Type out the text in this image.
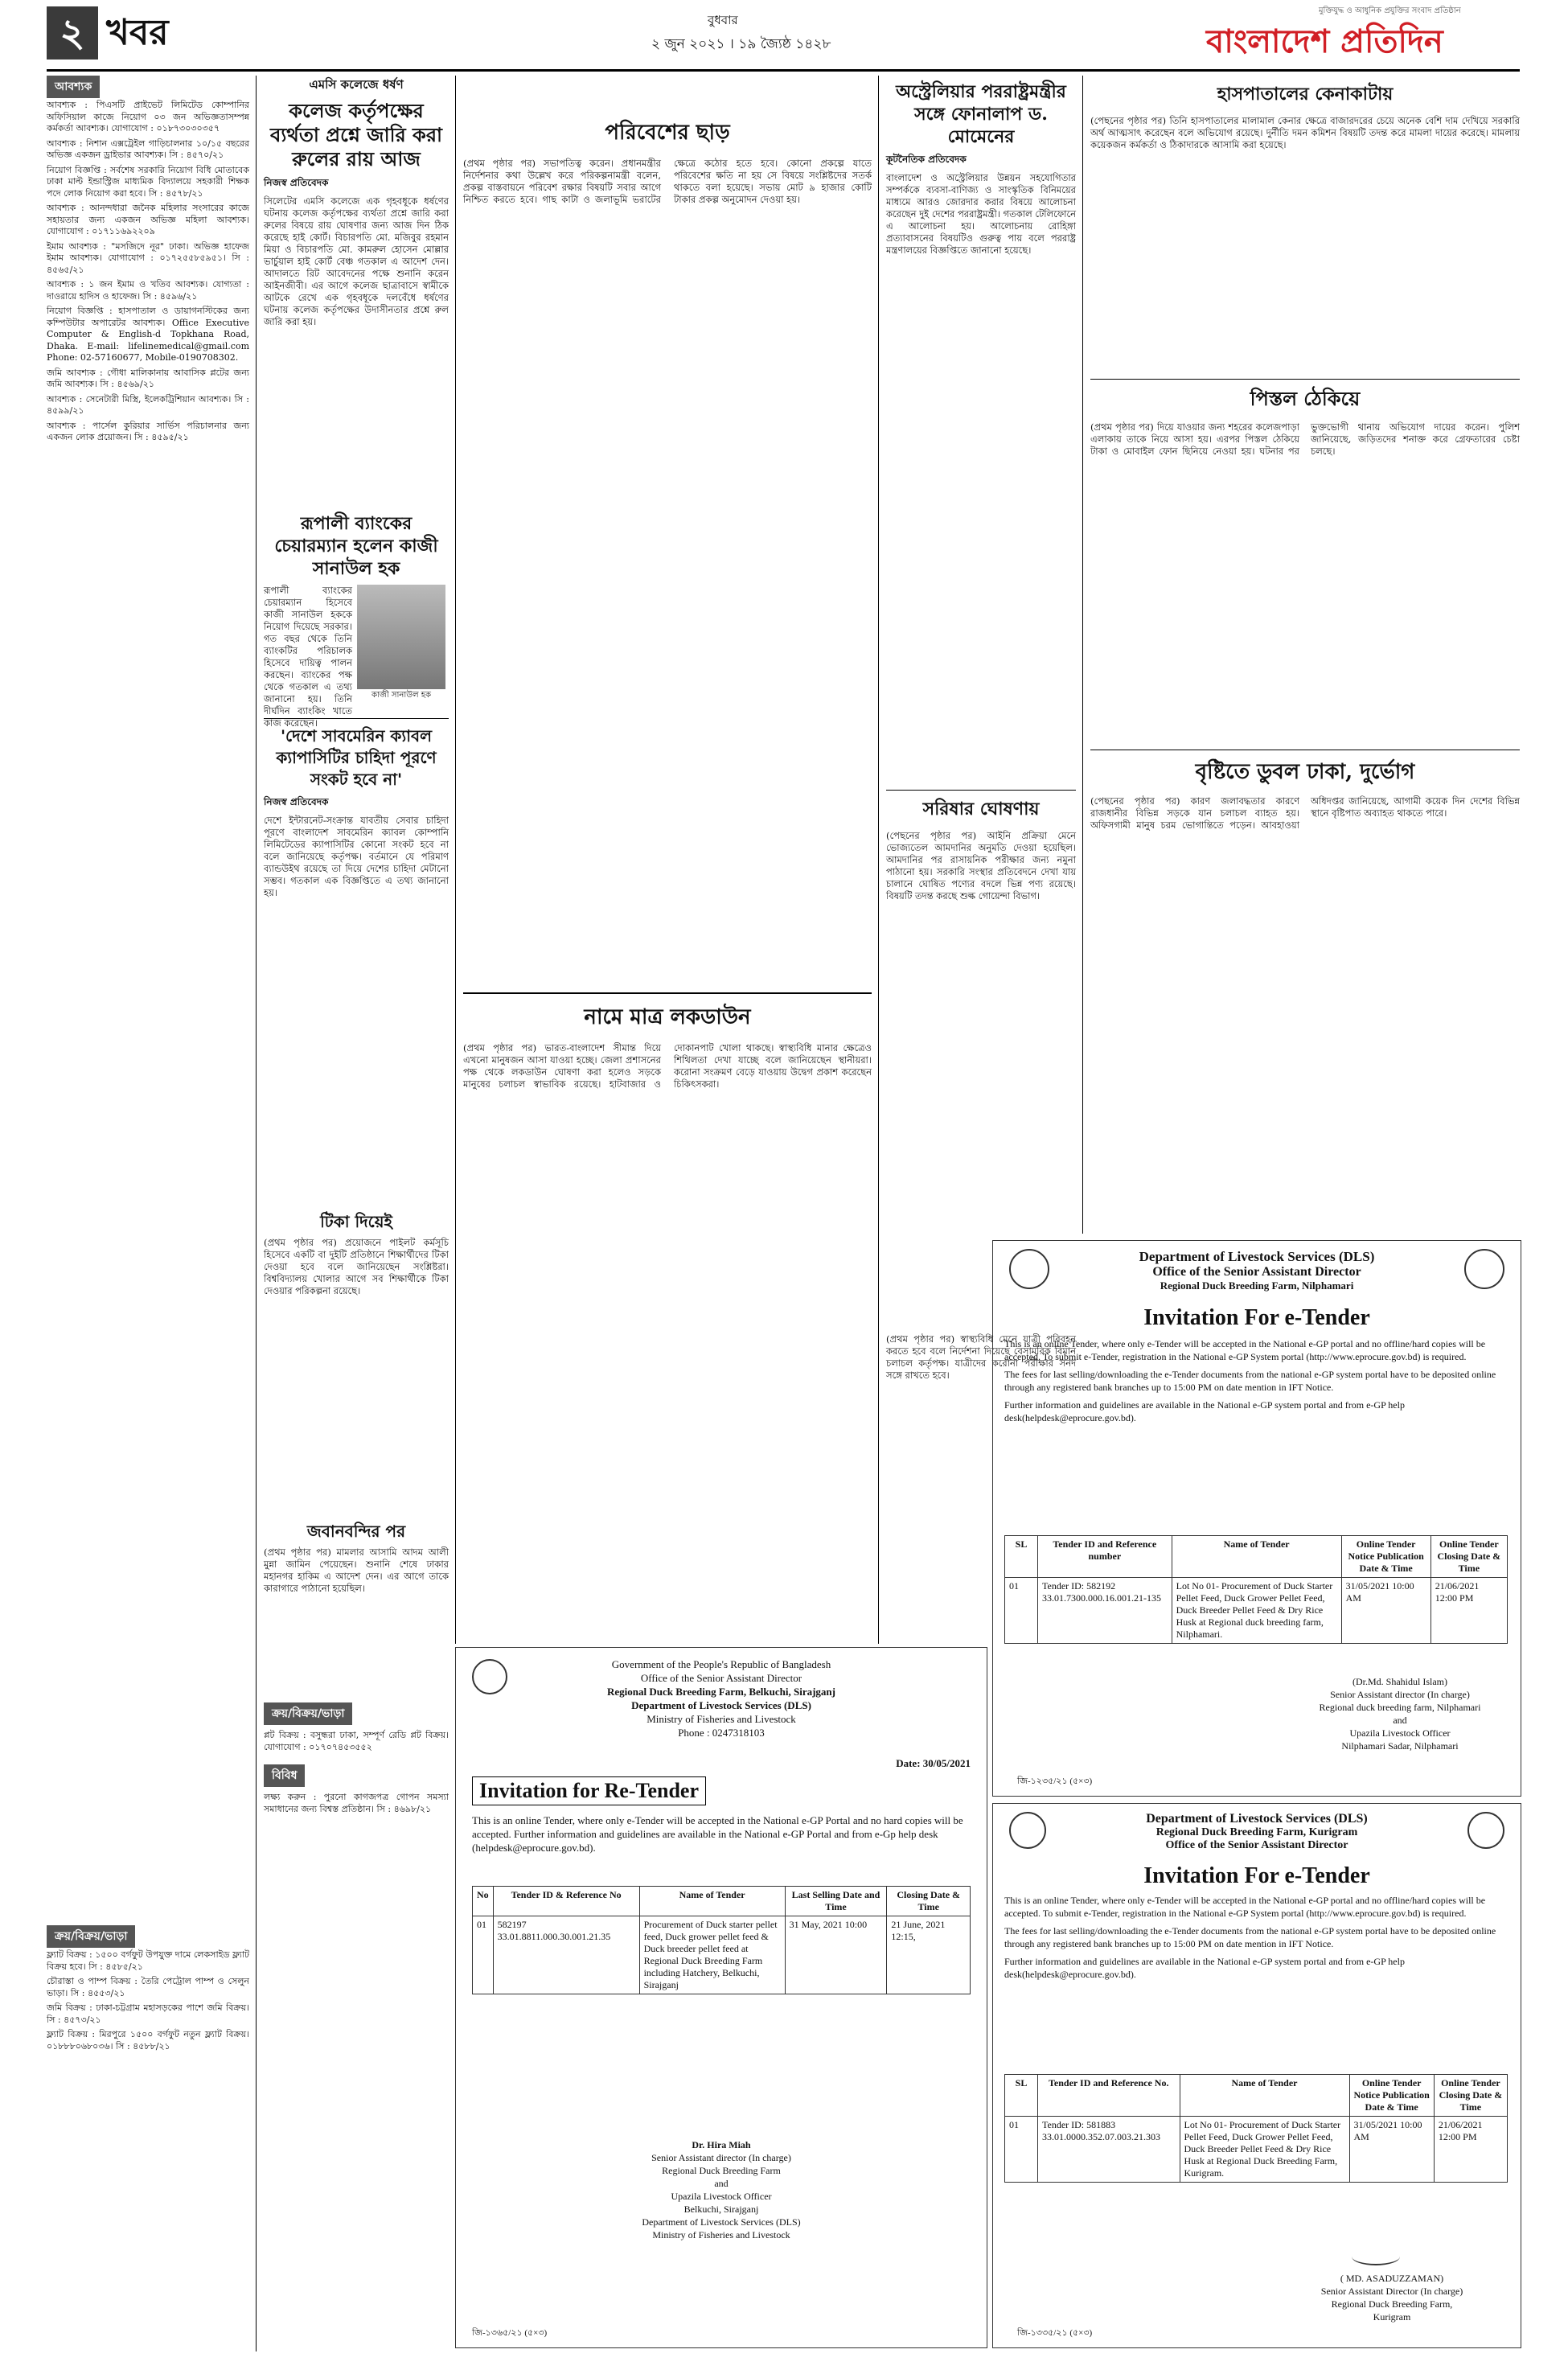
২ খবর	বুধবার
২ জুন ২০২১ । ১৯ জ্যৈষ্ঠ ১৪২৮
মুক্তিযুদ্ধ ও আধুনিক প্রযুক্তির সংবাদ প্রতিষ্ঠান
বাংলাদেশ প্রতিদিন
আবশ্যক

আবশ্যক : পিএসটি প্রাইভেট লিমিটেড কোম্পানির অফিসিয়াল কাজে নিয়োগ ০৩ জন অভিজ্ঞতাসম্পন্ন কর্মকর্তা আবশ্যক। যোগাযোগ : ০১৮৭৩০৩০৩৫৭

আবশ্যক : নিশান এক্সট্রেইল গাড়িচালনার ১০/১৫ বছরের অভিজ্ঞ একজন ড্রাইভার আবশ্যক। সি : ৪৫৭০/২১

নিয়োগ বিজ্ঞপ্তি : সর্বশেষ সরকারি নিয়োগ বিধি মোতাবেক ঢাকা মাল্ট ইন্ডাস্ট্রিজ মাধ্যমিক বিদ্যালয়ে সহকারী শিক্ষক পদে লোক নিয়োগ করা হবে। সি : ৪৫৭৮/২১

আবশ্যক : আনন্দধারা জনৈক মহিলার সংসারের কাজে সহায়তার জন্য একজন অভিজ্ঞ মহিলা আবশ্যক। যোগাযোগ : ০১৭১১৬৯২২০৯

ইমাম আবশ্যক : "মসজিদে নূর" ঢাকা। অভিজ্ঞ হাফেজ ইমাম আবশ্যক। যোগাযোগ : ০১৭২৫৫৮৫৯৫১। সি : ৪৫৬৫/২১

আবশ্যক : ১ জন ইমাম ও খতিব আবশ্যক। যোগ্যতা : দাওরায়ে হাদিস ও হাফেজ। সি : ৪৫৯৬/২১

নিয়োগ বিজ্ঞপ্তি : হাসপাতাল ও ডায়াগনস্টিকের জন্য কম্পিউটার অপারেটর আবশ্যক। Office Executive Computer & English-d Topkhana Road, Dhaka. E-mail: lifelinemedical@gmail.com Phone: 02-57160677, Mobile-0190708302.

জমি আবশ্যক : গৌধা মালিকানায় আবাসিক প্লটের জন্য জমি আবশ্যক। সি : ৪৫৬৯/২১

আবশ্যক : সেনেটারী মিস্ত্রি, ইলেকট্রিশিয়ান আবশ্যক। সি : ৪৫৯৯/২১

আবশ্যক : পার্সেল কুরিয়ার সার্ভিস পরিচালনার জন্য একজন লোক প্রয়োজন। সি : ৪৫৯৫/২১

ক্রয়/বিক্রয়/ভাড়া

ফ্ল্যাট বিক্রয় : ১৫০০ বর্গফুট উপযুক্ত দামে লেকসাইড ফ্ল্যাট বিক্রয় হবে। সি : ৪৫৮৫/২১

চৌরাস্তা ও পাম্প বিক্রয় : তৈরি পেট্রোল পাম্প ও সেলুন ভাড়া। সি : ৪৫৫৩/২১

জমি বিক্রয় : ঢাকা-চট্টগ্রাম মহাসড়কের পাশে জমি বিক্রয়। সি : ৪৫৭৩/২১

ফ্ল্যাট বিক্রয় : মিরপুরে ১৫০০ বর্গফুট নতুন ফ্ল্যাট বিক্রয়। ০১৮৮৮০৬৮০৩৬। সি : ৪৫৮৮/২১

এমসি কলেজে ধর্ষণ
কলেজ কর্তৃপক্ষের ব্যর্থতা প্রশ্নে জারি করা রুলের রায় আজ
নিজস্ব প্রতিবেদক

সিলেটের এমসি কলেজে এক গৃহবধূকে ধর্ষণের ঘটনায় কলেজ কর্তৃপক্ষের ব্যর্থতা প্রশ্নে জারি করা রুলের বিষয়ে রায় ঘোষণার জন্য আজ দিন ঠিক করেছে হাই কোর্ট। বিচারপতি মো. মজিবুর রহমান মিয়া ও বিচারপতি মো. কামরুল হোসেন মোল্লার ভার্চুয়াল হাই কোর্ট বেঞ্চ গতকাল এ আদেশ দেন। আদালতে রিট আবেদনের পক্ষে শুনানি করেন আইনজীবী। এর আগে কলেজ ছাত্রাবাসে স্বামীকে আটকে রেখে এক গৃহবধূকে দলবেঁধে ধর্ষণের ঘটনায় কলেজ কর্তৃপক্ষের উদাসীনতার প্রশ্নে রুল জারি করা হয়।

রূপালী ব্যাংকের চেয়ারম্যান হলেন কাজী সানাউল হক

রূপালী ব্যাংকের চেয়ারম্যান হিসেবে কাজী সানাউল হককে নিয়োগ দিয়েছে সরকার। গত বছর থেকে তিনি ব্যাংকটির পরিচালক হিসেবে দায়িত্ব পালন করছেন। ব্যাংকের পক্ষ থেকে গতকাল এ তথ্য জানানো হয়। তিনি দীর্ঘদিন ব্যাংকিং খাতে কাজ করেছেন।

কাজী সানাউল হক
'দেশে সাবমেরিন ক্যাবল ক্যাপাসিটির চাহিদা পূরণে সংকট হবে না'
নিজস্ব প্রতিবেদক

দেশে ইন্টারনেট-সংক্রান্ত যাবতীয় সেবার চাহিদা পূরণে বাংলাদেশ সাবমেরিন ক্যাবল কোম্পানি লিমিটেডের ক্যাপাসিটির কোনো সংকট হবে না বলে জানিয়েছে কর্তৃপক্ষ। বর্তমানে যে পরিমাণ ব্যান্ডউইথ রয়েছে তা দিয়ে দেশের চাহিদা মেটানো সম্ভব। গতকাল এক বিজ্ঞপ্তিতে এ তথ্য জানানো হয়।

টিকা দিয়েই

(প্রথম পৃষ্ঠার পর) প্রয়োজনে পাইলট কর্মসূচি হিসেবে একটি বা দুইটি প্রতিষ্ঠানে শিক্ষার্থীদের টিকা দেওয়া হবে বলে জানিয়েছেন সংশ্লিষ্টরা। বিশ্ববিদ্যালয় খোলার আগে সব শিক্ষার্থীকে টিকা দেওয়ার পরিকল্পনা রয়েছে।

জবানবন্দির পর

(প্রথম পৃষ্ঠার পর) মামলার আসামি আদম আলী মুন্না জামিন পেয়েছেন। শুনানি শেষে ঢাকার মহানগর হাকিম এ আদেশ দেন। এর আগে তাকে কারাগারে পাঠানো হয়েছিল।

ক্রয়/বিক্রয়/ভাড়া

প্লট বিক্রয় : বসুন্ধরা ঢাকা, সম্পূর্ণ রেডি প্লট বিক্রয়। যোগাযোগ : ০১৭০৭৪৫৩৫৫২

বিবিধ

লক্ষ্য করুন : পুরনো কাগজপত্র গোপন সমস্যা সমাধানের জন্য বিশ্বস্ত প্রতিষ্ঠান। সি : ৪৬৯৮/২১

পরিবেশের ছাড়

(প্রথম পৃষ্ঠার পর) সভাপতিত্ব করেন। প্রধানমন্ত্রীর নির্দেশনার কথা উল্লেখ করে পরিকল্পনামন্ত্রী বলেন, প্রকল্প বাস্তবায়নে পরিবেশ রক্ষার বিষয়টি সবার আগে নিশ্চিত করতে হবে। গাছ কাটা ও জলাভূমি ভরাটের ক্ষেত্রে কঠোর হতে হবে। কোনো প্রকল্পে যাতে পরিবেশের ক্ষতি না হয় সে বিষয়ে সংশ্লিষ্টদের সতর্ক থাকতে বলা হয়েছে। সভায় মোট ৯ হাজার কোটি টাকার প্রকল্প অনুমোদন দেওয়া হয়।

নামে মাত্র লকডাউন

(প্রথম পৃষ্ঠার পর) ভারত-বাংলাদেশ সীমান্ত দিয়ে এখনো মানুষজন আসা যাওয়া হচ্ছে। জেলা প্রশাসনের পক্ষ থেকে লকডাউন ঘোষণা করা হলেও সড়কে মানুষের চলাচল স্বাভাবিক রয়েছে। হাটবাজার ও দোকানপাট খোলা থাকছে। স্বাস্থ্যবিধি মানার ক্ষেত্রেও শিথিলতা দেখা যাচ্ছে বলে জানিয়েছেন স্থানীয়রা। করোনা সংক্রমণ বেড়ে যাওয়ায় উদ্বেগ প্রকাশ করেছেন চিকিৎসকরা।

অস্ট্রেলিয়ার পররাষ্ট্রমন্ত্রীর সঙ্গে ফোনালাপ ড. মোমেনের
কূটনৈতিক প্রতিবেদক

বাংলাদেশ ও অস্ট্রেলিয়ার উন্নয়ন সহযোগিতার সম্পর্ককে ব্যবসা-বাণিজ্য ও সাংস্কৃতিক বিনিময়ের মাধ্যমে আরও জোরদার করার বিষয়ে আলোচনা করেছেন দুই দেশের পররাষ্ট্রমন্ত্রী। গতকাল টেলিফোনে এ আলোচনা হয়। আলোচনায় রোহিঙ্গা প্রত্যাবাসনের বিষয়টিও গুরুত্ব পায় বলে পররাষ্ট্র মন্ত্রণালয়ের বিজ্ঞপ্তিতে জানানো হয়েছে।

সরিষার ঘোষণায়

(পেছনের পৃষ্ঠার পর) আইনি প্রক্রিয়া মেনে ভোজ্যতেল আমদানির অনুমতি দেওয়া হয়েছিল। আমদানির পর রাসায়নিক পরীক্ষার জন্য নমুনা পাঠানো হয়। সরকারি সংস্থার প্রতিবেদনে দেখা যায় চালানে ঘোষিত পণ্যের বদলে ভিন্ন পণ্য রয়েছে। বিষয়টি তদন্ত করছে শুল্ক গোয়েন্দা বিভাগ।

(প্রথম পৃষ্ঠার পর) স্বাস্থ্যবিধি মেনে যাত্রী পরিবহন করতে হবে বলে নির্দেশনা দিয়েছে বেসামরিক বিমান চলাচল কর্তৃপক্ষ। যাত্রীদের করোনা পরীক্ষার সনদ সঙ্গে রাখতে হবে।

হাসপাতালের কেনাকাটায়

(পেছনের পৃষ্ঠার পর) তিনি হাসপাতালের মালামাল কেনার ক্ষেত্রে বাজারদরের চেয়ে অনেক বেশি দাম দেখিয়ে সরকারি অর্থ আত্মসাৎ করেছেন বলে অভিযোগ রয়েছে। দুর্নীতি দমন কমিশন বিষয়টি তদন্ত করে মামলা দায়ের করেছে। মামলায় কয়েকজন কর্মকর্তা ও ঠিকাদারকে আসামি করা হয়েছে।

পিস্তল ঠেকিয়ে

(প্রথম পৃষ্ঠার পর) দিয়ে যাওয়ার জন্য শহরের কলেজপাড়া এলাকায় তাকে নিয়ে আসা হয়। এরপর পিস্তল ঠেকিয়ে টাকা ও মোবাইল ফোন ছিনিয়ে নেওয়া হয়। ঘটনার পর ভুক্তভোগী থানায় অভিযোগ দায়ের করেন। পুলিশ জানিয়েছে, জড়িতদের শনাক্ত করে গ্রেফতারের চেষ্টা চলছে।

বৃষ্টিতে ডুবল ঢাকা, দুর্ভোগ

(পেছনের পৃষ্ঠার পর) কারণ জলাবদ্ধতার কারণে রাজধানীর বিভিন্ন সড়কে যান চলাচল ব্যাহত হয়। অফিসগামী মানুষ চরম ভোগান্তিতে পড়েন। আবহাওয়া অধিদপ্তর জানিয়েছে, আগামী কয়েক দিন দেশের বিভিন্ন স্থানে বৃষ্টিপাত অব্যাহত থাকতে পারে।

Department of Livestock Services (DLS)
Office of the Senior Assistant Director
Regional Duck Breeding Farm, Nilphamari
Invitation For e-Tender

This is an online Tender, where only e-Tender will be accepted in the National e-GP portal and no offline/hard copies will be accepted. To submit e-Tender, registration in the National e-GP System portal (http://www.eprocure.gov.bd) is required.

The fees for last selling/downloading the e-Tender documents from the national e-GP system portal have to be deposited online through any registered bank branches up to 15:00 PM on date mention in IFT Notice.

Further information and guidelines are available in the National e-GP system portal and from e-GP help desk(helpdesk@eprocure.gov.bd).

SL	Tender ID and Reference number	Name of Tender	Online Tender Notice Publication Date & Time	Online Tender Closing Date & Time
01	Tender ID: 582192 33.01.7300.000.16.001.21-135	Lot No 01- Procurement of Duck Starter Pellet Feed, Duck Grower Pellet Feed, Duck Breeder Pellet Feed & Dry Rice Husk at Regional duck breeding farm, Nilphamari.	31/05/2021 10:00 AM	21/06/2021 12:00 PM
(Dr.Md. Shahidul Islam)
Senior Assistant director (In charge)
Regional duck breeding farm, Nilphamari
and
Upazila Livestock Officer
Nilphamari Sadar, Nilphamari
জি-১২৩৫/২১ (৫×৩)
Government of the People's Republic of Bangladesh
Office of the Senior Assistant Director
Regional Duck Breeding Farm, Belkuchi, Sirajganj
Department of Livestock Services (DLS)
Ministry of Fisheries and Livestock
Phone : 0247318103
Date: 30/05/2021
Invitation for Re-Tender

This is an online Tender, where only e-Tender will be accepted in the National e-GP Portal and no hard copies will be accepted. Further information and guidelines are available in the National e-GP Portal and from e-Gp help desk (helpdesk@eprocure.gov.bd).

No	Tender ID & Reference No	Name of Tender	Last Selling Date and Time	Closing Date & Time
01	582197 33.01.8811.000.30.001.21.35	Procurement of Duck starter pellet feed, Duck grower pellet feed & Duck breeder pellet feed at Regional Duck Breeding Farm including Hatchery, Belkuchi, Sirajganj	31 May, 2021 10:00	21 June, 2021 12:15,
Dr. Hira Miah
Senior Assistant director (In charge)
Regional Duck Breeding Farm
and
Upazila Livestock Officer
Belkuchi, Sirajganj
Department of Livestock Services (DLS)
Ministry of Fisheries and Livestock
জি-১৩৬৫/২১ (৫×৩)
Department of Livestock Services (DLS)
Regional Duck Breeding Farm, Kurigram
Office of the Senior Assistant Director
Invitation For e-Tender

This is an online Tender, where only e-Tender will be accepted in the National e-GP portal and no offline/hard copies will be accepted. To submit e-Tender, registration in the National e-GP System portal (http://www.eprocure.gov.bd) is required.

The fees for last selling/downloading the e-Tender documents from the national e-GP system portal have to be deposited online through any registered bank branches up to 15:00 PM on date mention in IFT Notice.

Further information and guidelines are available in the National e-GP system portal and from e-GP help desk(helpdesk@eprocure.gov.bd).

SL	Tender ID and Reference No.	Name of Tender	Online Tender Notice Publication Date & Time	Online Tender Closing Date & Time
01	Tender ID: 581883 33.01.0000.352.07.003.21.303	Lot No 01- Procurement of Duck Starter Pellet Feed, Duck Grower Pellet Feed, Duck Breeder Pellet Feed & Dry Rice Husk at Regional Duck Breeding Farm, Kurigram.	31/05/2021 10:00 AM	21/06/2021 12:00 PM
( MD. ASADUZZAMAN)
Senior Assistant Director (In charge)
Regional Duck Breeding Farm,
Kurigram
জি-১৩৩৫/২১ (৫×৩)
